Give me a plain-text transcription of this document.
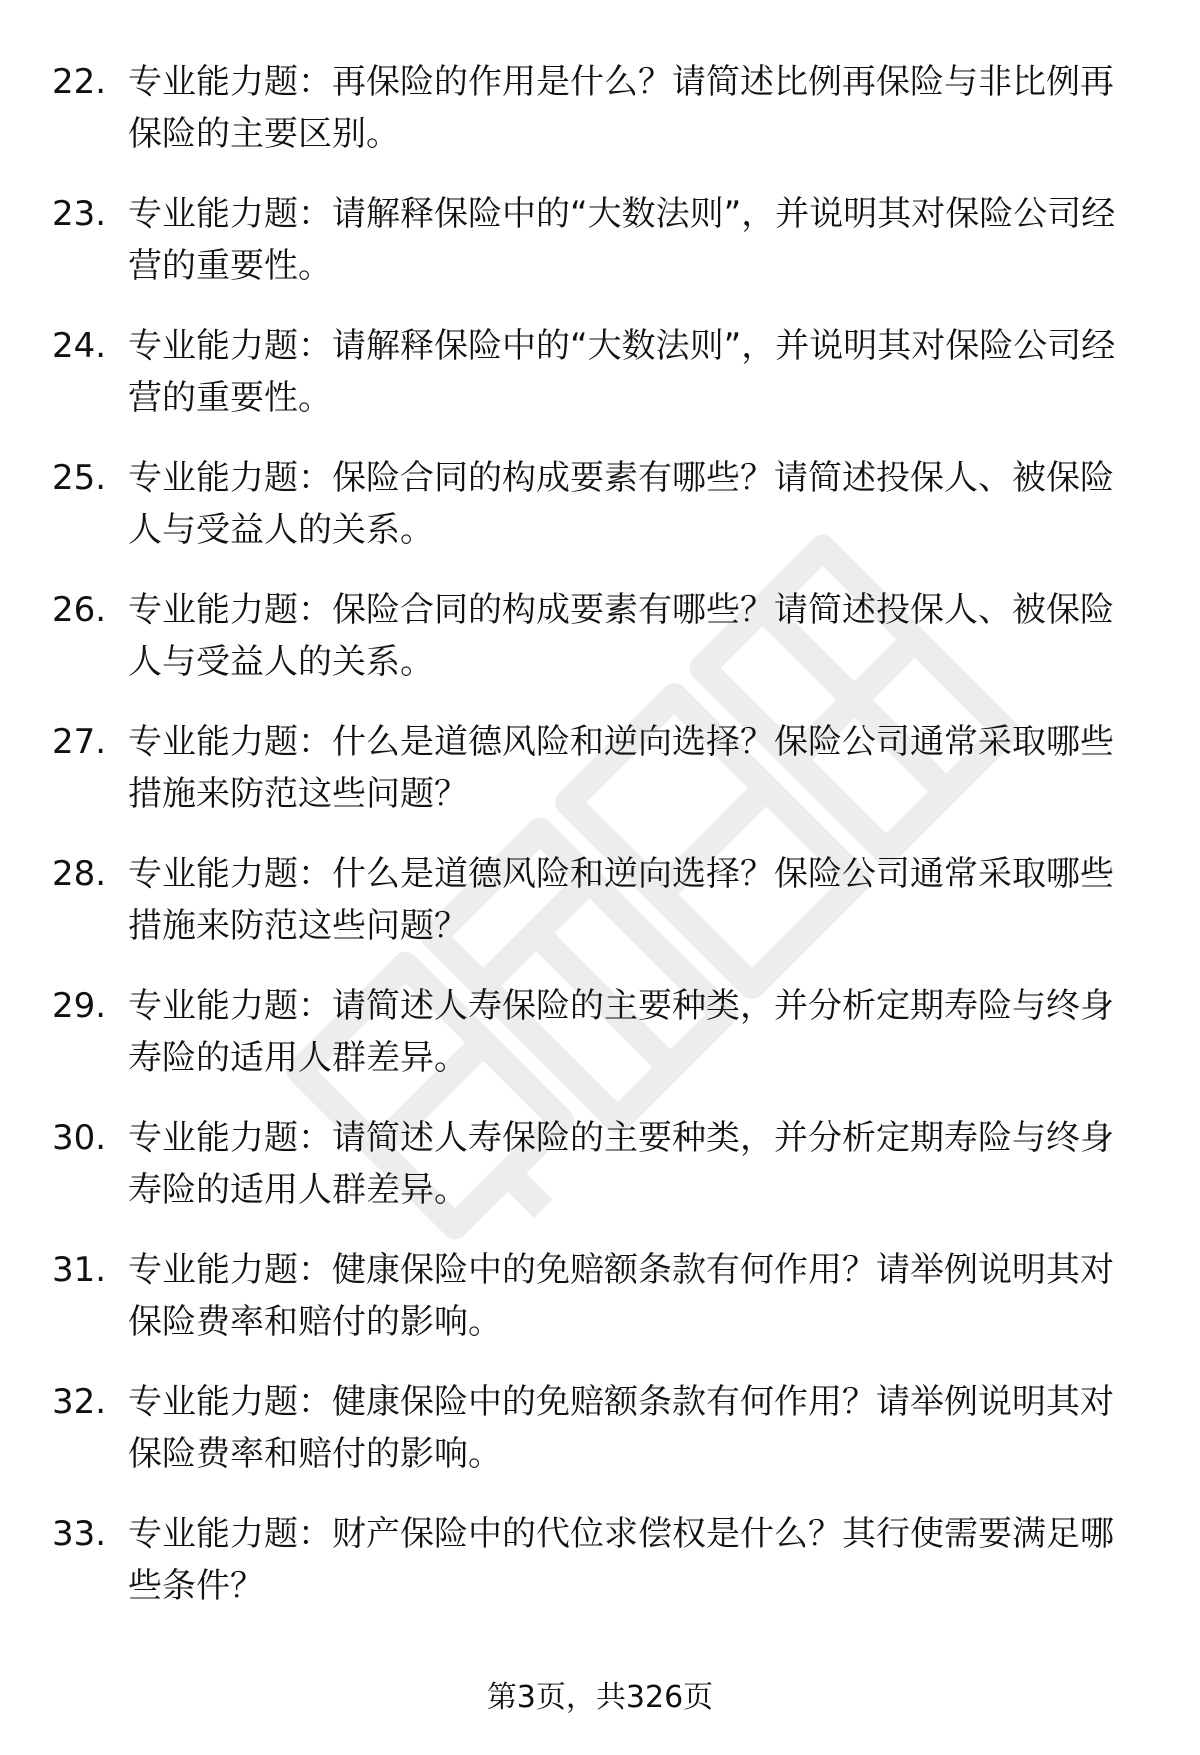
22. 专业能力题：再保险的作用是什么？请简述比例再保险与非比例再保险的主要区别。
23. 专业能力题：请解释保险中的“大数法则”，并说明其对保险公司经营的重要性。
24. 专业能力题：请解释保险中的“大数法则”，并说明其对保险公司经营的重要性。
25. 专业能力题：保险合同的构成要素有哪些？请简述投保人、被保险人与受益人的关系。
26. 专业能力题：保险合同的构成要素有哪些？请简述投保人、被保险人与受益人的关系。
27. 专业能力题：什么是道德风险和逆向选择？保险公司通常采取哪些措施来防范这些问题？
28. 专业能力题：什么是道德风险和逆向选择？保险公司通常采取哪些措施来防范这些问题？
29. 专业能力题：请简述人寿保险的主要种类，并分析定期寿险与终身寿险的适用人群差异。
30. 专业能力题：请简述人寿保险的主要种类，并分析定期寿险与终身寿险的适用人群差异。
31. 专业能力题：健康保险中的免赔额条款有何作用？请举例说明其对保险费率和赔付的影响。
32. 专业能力题：健康保险中的免赔额条款有何作用？请举例说明其对保险费率和赔付的影响。
33. 专业能力题：财产保险中的代位求偿权是什么？其行使需要满足哪些条件？
第3页，共326页
